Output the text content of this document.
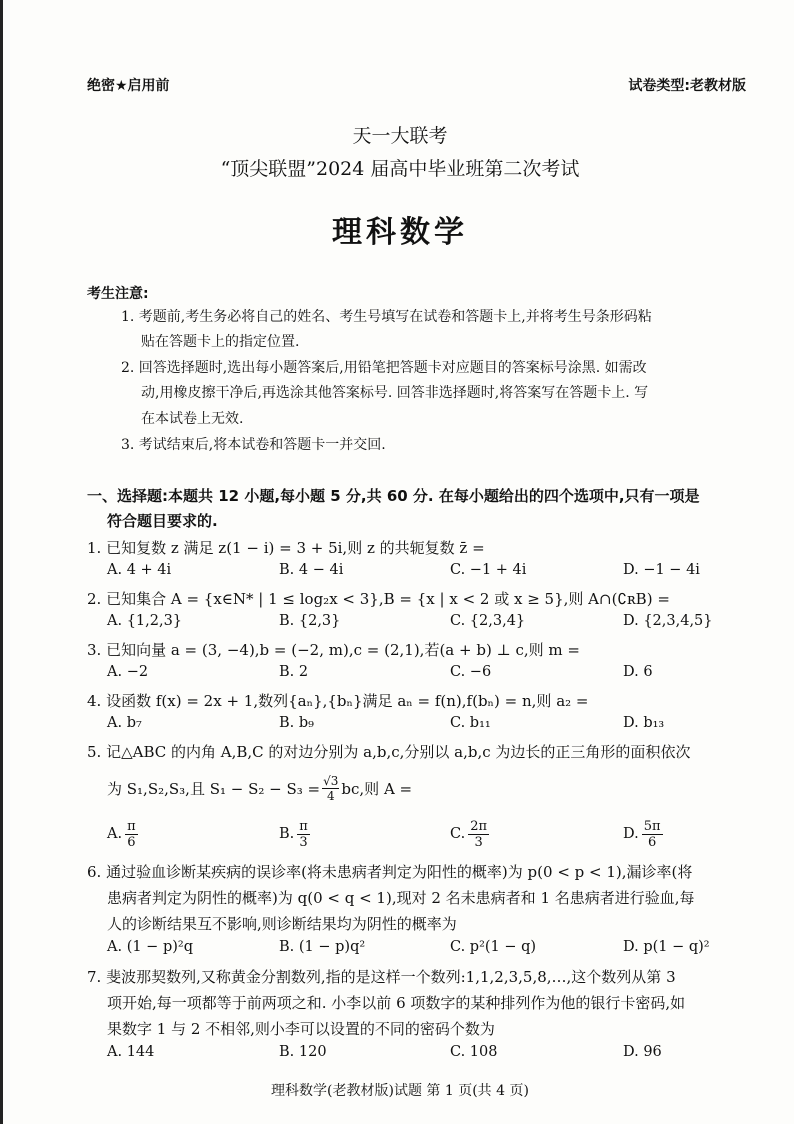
绝密★启用前	试卷类型:老教材版
天一大联考
“顶尖联盟”2024 届高中毕业班第二次考试
理科数学
考生注意:
1. 考题前,考生务必将自己的姓名、考生号填写在试卷和答题卡上,并将考生号条形码粘
贴在答题卡上的指定位置.
2. 回答选择题时,选出每小题答案后,用铅笔把答题卡对应题目的答案标号涂黑. 如需改
动,用橡皮擦干净后,再选涂其他答案标号. 回答非选择题时,将答案写在答题卡上. 写
在本试卷上无效.
3. 考试结束后,将本试卷和答题卡一并交回.
一、选择题:本题共 12 小题,每小题 5 分,共 60 分. 在每小题给出的四个选项中,只有一项是
符合题目要求的.
1. 已知复数 z 满足 z(1 − i) = 3 + 5i,则 z 的共轭复数 z̄ =
A. 4 + 4i	B. 4 − 4i	C. −1 + 4i	D. −1 − 4i
2. 已知集合 A = {x∈N* | 1 ≤ log₂x < 3},B = {x | x < 2 或 x ≥ 5},则 A∩(∁ʀB) =
A. {1,2,3}	B. {2,3}	C. {2,3,4}	D. {2,3,4,5}
3. 已知向量 a = (3, −4),b = (−2, m),c = (2,1),若(a + b) ⊥ c,则 m =
A. −2	B. 2	C. −6	D. 6
4. 设函数 f(x) = 2x + 1,数列{aₙ},{bₙ}满足 aₙ = f(n),f(bₙ) = n,则 a₂ =
A. b₇	B. b₉	C. b₁₁	D. b₁₃
5. 记△ABC 的内角 A,B,C 的对边分别为 a,b,c,分别以 a,b,c 为边长的正三角形的面积依次
为 S₁,S₂,S₃,且 $S_1 - S_2 - S_3 = \frac{√3}{4}$ bc,则 A =
A. $\frac{\pi}{6}$	B. $\frac{\pi}{3}$	C. $\frac{2\pi}{3}$	D. $\frac{5\pi}{6}$
6. 通过验血诊断某疾病的误诊率(将未患病者判定为阳性的概率)为 p(0 < p < 1),漏诊率(将
患病者判定为阴性的概率)为 q(0 < q < 1),现对 2 名未患病者和 1 名患病者进行验血,每
人的诊断结果互不影响,则诊断结果均为阴性的概率为
A. (1 − p)²q	B. (1 − p)q²	C. p²(1 − q)	D. p(1 − q)²
7. 斐波那契数列,又称黄金分割数列,指的是这样一个数列:1,1,2,3,5,8,…,这个数列从第 3
项开始,每一项都等于前两项之和. 小李以前 6 项数字的某种排列作为他的银行卡密码,如
果数字 1 与 2 不相邻,则小李可以设置的不同的密码个数为
A. 144	B. 120	C. 108	D. 96
理科数学(老教材版)试题 第 1 页(共 4 页)
